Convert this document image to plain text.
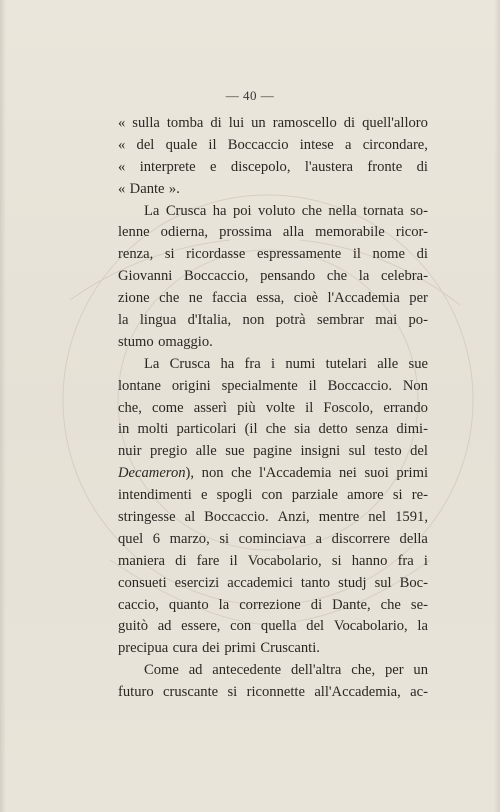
— 40 —
« sulla tomba di lui un ramoscello di quell'alloro
« del quale il Boccaccio intese a circondare,
« interprete e discepolo, l'austera fronte di
« Dante ».
La Crusca ha poi voluto che nella tornata so-
lenne odierna, prossima alla memorabile ricor-
renza, si ricordasse espressamente il nome di
Giovanni Boccaccio, pensando che la celebra-
zione che ne faccia essa, cioè l'Accademia per
la lingua d'Italia, non potrà sembrar mai po-
stumo omaggio.
La Crusca ha fra i numi tutelari alle sue
lontane origini specialmente il Boccaccio. Non
che, come asserì più volte il Foscolo, errando
in molti particolari (il che sia detto senza dimi-
nuir pregio alle sue pagine insigni sul testo del
Decameron), non che l'Accademia nei suoi primi
intendimenti e spogli con parziale amore si re-
stringesse al Boccaccio. Anzi, mentre nel 1591,
quel 6 marzo, si cominciava a discorrere della
maniera di fare il Vocabolario, si hanno fra i
consueti esercizi accademici tanto studj sul Boc-
caccio, quanto la correzione di Dante, che se-
guitò ad essere, con quella del Vocabolario, la
precipua cura dei primi Cruscanti.
Come ad antecedente dell'altra che, per un
futuro cruscante si riconnette all'Accademia, ac-
